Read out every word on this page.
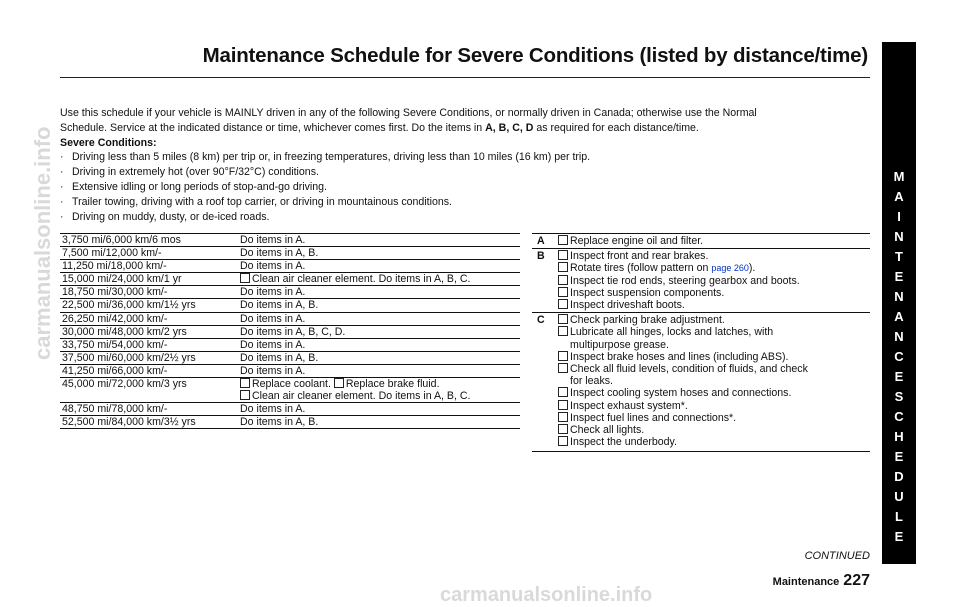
Maintenance Schedule for Severe Conditions (listed by distance/time)
M
A
I
N
T
E
N
A
N
C
E
S
C
H
E
D
U
L
E

Use this schedule if your vehicle is MAINLY driven in any of the following Severe Conditions, or normally driven in Canada; otherwise use the Normal

Schedule. Service at the indicated distance or time, whichever comes first. Do the items in A, B, C, D as required for each distance/time.

Severe Conditions:

· Driving less than 5 miles (8 km) per trip or, in freezing temperatures, driving less than 10 miles (16 km) per trip.
· Driving in extremely hot (over 90°F/32°C) conditions.
· Extensive idling or long periods of stop-and-go driving.
· Trailer towing, driving with a roof top carrier, or driving in mountainous conditions.
· Driving on muddy, dusty, or de-iced roads.
3,750 mi/6,000 km/6 mos	Do items in A.
7,500 mi/12,000 km/-	Do items in A, B.
11,250 mi/18,000 km/-	Do items in A.
15,000 mi/24,000 km/1 yr	Clean air cleaner element. Do items in A, B, C.
18,750 mi/30,000 km/-	Do items in A.
22,500 mi/36,000 km/1½ yrs	Do items in A, B.
26,250 mi/42,000 km/-	Do items in A.
30,000 mi/48,000 km/2 yrs	Do items in A, B, C, D.
33,750 mi/54,000 km/-	Do items in A.
37,500 mi/60,000 km/2½ yrs	Do items in A, B.
41,250 mi/66,000 km/-	Do items in A.
45,000 mi/72,000 km/3 yrs	Replace coolant. Replace brake fluid.
	Clean air cleaner element. Do items in A, B, C.
48,750 mi/78,000 km/-	Do items in A.
52,500 mi/84,000 km/3½ yrs	Do items in A, B.
A	Replace engine oil and filter.
B	Inspect front and rear brakes.
Rotate tires (follow pattern on page 260).
Inspect tie rod ends, steering gearbox and boots.
Inspect suspension components.
Inspect driveshaft boots.
C	Check parking brake adjustment.
Lubricate all hinges, locks and latches, with
multipurpose grease.
Inspect brake hoses and lines (including ABS).
Check all fluid levels, condition of fluids, and check
for leaks.
Inspect cooling system hoses and connections.
Inspect exhaust system*.
Inspect fuel lines and connections*.
Check all lights.
Inspect the underbody.
CONTINUED
Maintenance 227
carmanualsonline.info
carmanualsonline.info
